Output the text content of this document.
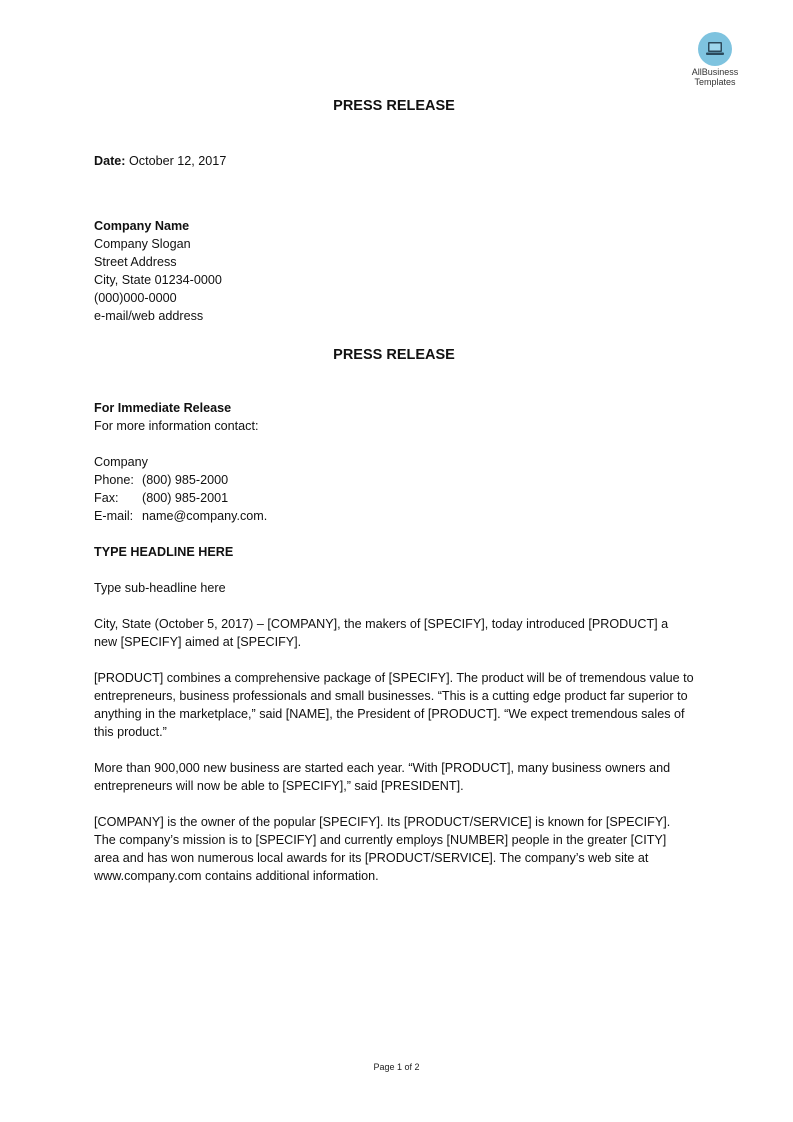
AllBusiness
Templates
PRESS RELEASE

Date: October 12, 2017

Company Name
Company Slogan
Street Address
City, State 01234-0000
(000)000-0000
e-mail/web address
PRESS RELEASE
For Immediate Release
For more information contact:
Company
Phone: (800) 985-2000
Fax: (800) 985-2001
E-mail: name@company.com.
TYPE HEADLINE HERE
Type sub-headline here

City, State (October 5, 2017) – [COMPANY], the makers of [SPECIFY], today introduced [PRODUCT] a new [SPECIFY] aimed at [SPECIFY].

[PRODUCT] combines a comprehensive package of [SPECIFY]. The product will be of tremendous value to entrepreneurs, business professionals and small businesses. “This is a cutting edge product far superior to anything in the marketplace,” said [NAME], the President of [PRODUCT]. “We expect tremendous sales of this product.”

More than 900,000 new business are started each year. “With [PRODUCT], many business owners and entrepreneurs will now be able to [SPECIFY],” said [PRESIDENT].

[COMPANY] is the owner of the popular [SPECIFY]. Its [PRODUCT/SERVICE] is known for [SPECIFY]. The company’s mission is to [SPECIFY] and currently employs [NUMBER] people in the greater [CITY] area and has won numerous local awards for its [PRODUCT/SERVICE]. The company’s web site at www.company.com contains additional information.

Page 1 of 2
